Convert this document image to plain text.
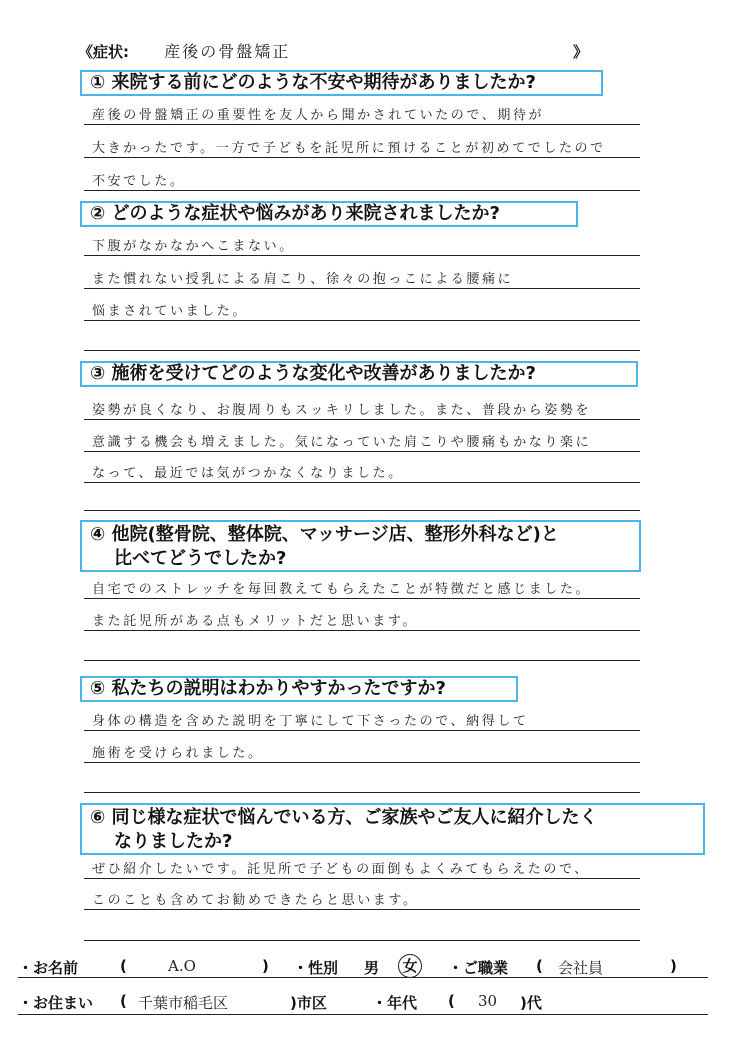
《症状: 産後の骨盤矯正	》
① 来院する前にどのような不安や期待がありましたか?
産後の骨盤矯正の重要性を友人から聞かされていたので、期待が
大きかったです。一方で子どもを託児所に預けることが初めてでしたので
不安でした。
② どのような症状や悩みがあり来院されましたか?
下腹がなかなかへこまない。
また慣れない授乳による肩こり、徐々の抱っこによる腰痛に
悩まされていました。
③ 施術を受けてどのような変化や改善がありましたか?
姿勢が良くなり、お腹周りもスッキリしました。また、普段から姿勢を
意識する機会も増えました。気になっていた肩こりや腰痛もかなり楽に
なって、最近では気がつかなくなりました。
④ 他院(整骨院、整体院、マッサージ店、整形外科など)と
比べてどうでしたか?
自宅でのストレッチを毎回教えてもらえたことが特徴だと感じました。
また託児所がある点もメリットだと思います。
⑤ 私たちの説明はわかりやすかったですか?
身体の構造を含めた説明を丁寧にして下さったので、納得して
施術を受けられました。
⑥ 同じ様な症状で悩んでいる方、ご家族やご友人に紹介したく
なりましたか?
ぜひ紹介したいです。託児所で子どもの面倒もよくみてもらえたので、
このことも含めてお勧めできたらと思います。
・お名前	(	A.O	) ・性別 男 女	・ご職業 ( 会社員	)
・お住まい ( 千葉市稲毛区	)市区	・年代 ( 30 )代
